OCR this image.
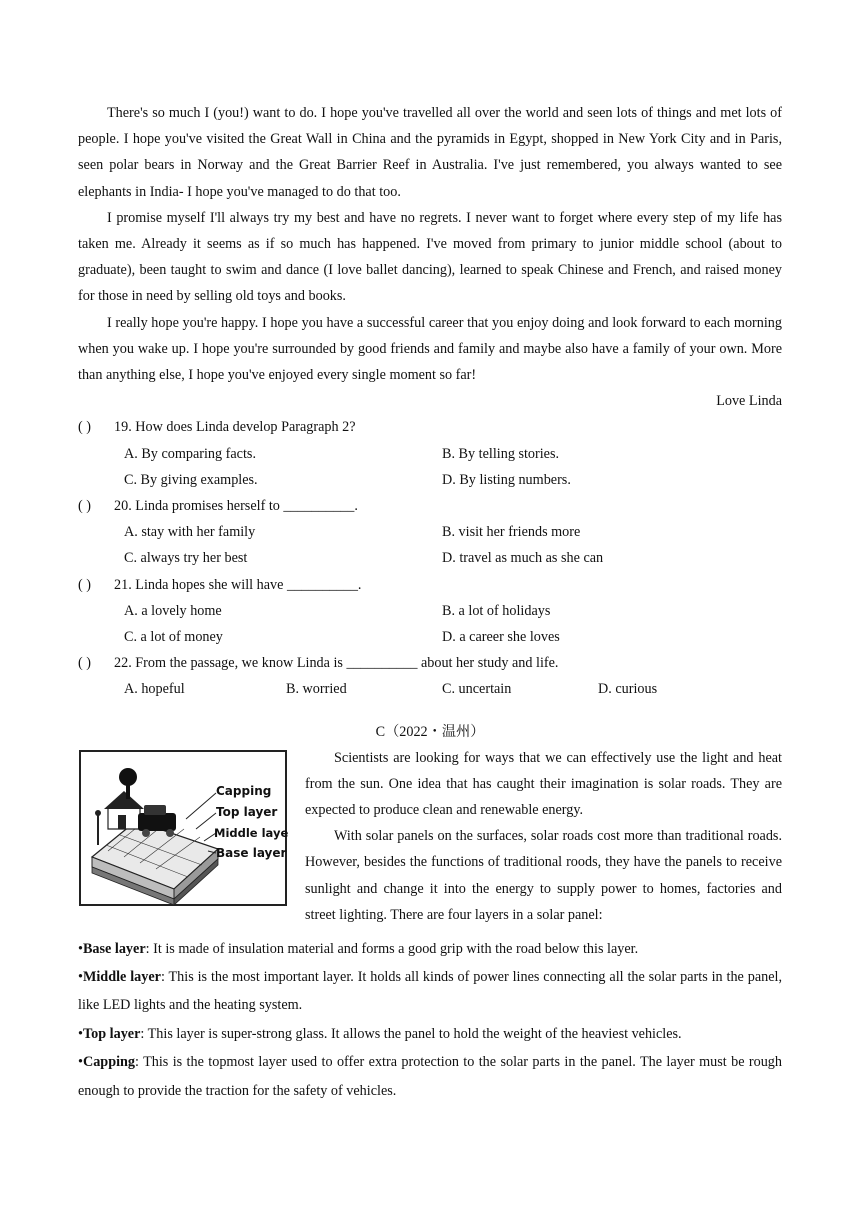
There's so much I (you!) want to do. I hope you've travelled all over the world and seen lots of things and met lots of people. I hope you've visited the Great Wall in China and the pyramids in Egypt, shopped in New York City and in Paris, seen polar bears in Norway and the Great Barrier Reef in Australia. I've just remembered, you always wanted to see elephants in India- I hope you've managed to do that too.

I promise myself I'll always try my best and have no regrets. I never want to forget where every step of my life has taken me. Already it seems as if so much has happened. I've moved from primary to junior middle school (about to graduate), been taught to swim and dance (I love ballet dancing), learned to speak Chinese and French, and raised money for those in need by selling old toys and books.

I really hope you're happy. I hope you have a successful career that you enjoy doing and look forward to each morning when you wake up. I hope you're surrounded by good friends and family and maybe also have a family of your own. More than anything else, I hope you've enjoyed every single moment so far!

Love Linda

( ) 19. How does Linda develop Paragraph 2?
A. By comparing facts.	B. By telling stories.
C. By giving examples.	D. By listing numbers.
( ) 20. Linda promises herself to __________.
A. stay with her family	B. visit her friends more
C. always try her best	D. travel as much as she can
( ) 21. Linda hopes she will have __________.
A. a lovely home	B. a lot of holidays
C. a lot of money	D. a career she loves
( ) 22. From the passage, we know Linda is __________ about her study and life.
A. hopeful	B. worried	C. uncertain	D. curious
C（2022・温州）
Capping
Top layer
Middle layer
Base layer

Scientists are looking for ways that we can effectively use the light and heat from the sun. One idea that has caught their imagination is solar roads. They are expected to produce clean and renewable energy.

With solar panels on the surfaces, solar roads cost more than traditional roads. However, besides the functions of traditional roods, they have the panels to receive sunlight and change it into the energy to supply power to homes, factories and street lighting. There are four layers in a solar panel:

•Base layer: It is made of insulation material and forms a good grip with the road below this layer.

•Middle layer: This is the most important layer. It holds all kinds of power lines connecting all the solar parts in the panel, like LED lights and the heating system.

•Top layer: This layer is super-strong glass. It allows the panel to hold the weight of the heaviest vehicles.

•Capping: This is the topmost layer used to offer extra protection to the solar parts in the panel. The layer must be rough enough to provide the traction for the safety of vehicles.
